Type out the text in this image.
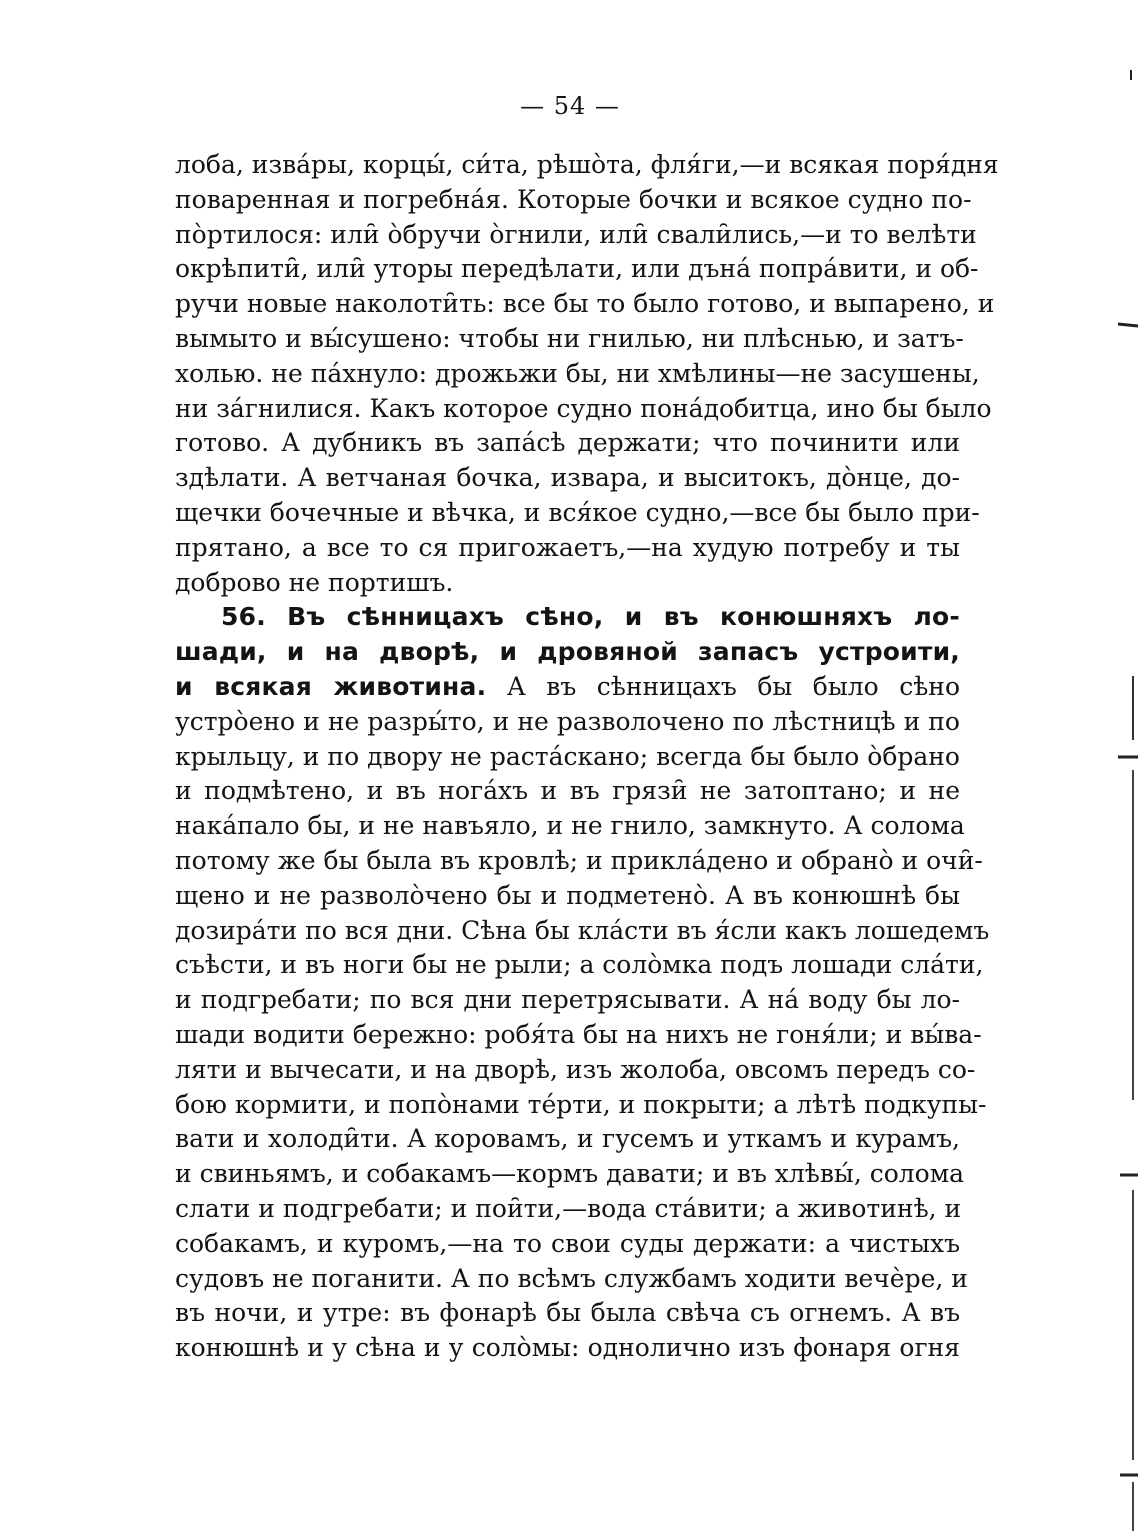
— 54 —
лоба, изва́ры, корцы́, си́та, рѣшо̀та, фля́ги,—и всякая поря́дня
поваренная и погребна́я. Которые бочки и всякое судно по-
по̀ртилося: или̑ о̀бручи о̀гнили, или̑ свали̑лись,—и то велѣти
окрѣпити̑, или̑ уторы передѣлати, или дъна́ попра́вити, и об-
ручи новые наколоти̑ть: все бы то было готово, и выпарено, и
вымыто и вы́сушено: чтобы ни гнилью, ни плѣснью, и затъ-
холью. не па́хнуло: дрожьжи бы, ни хмѣлины—не засушены,
ни за́гнилися. Какъ которое судно пона́добитца, ино бы было
готово. А дубникъ въ запа́сѣ держати; что починити или
здѣлати. А ветчаная бочка, извара, и выситокъ, до̀нце, до-
щечки бочечные и вѣчка, и вся́кое судно,—все бы было при-
прятано, а все то ся пригожаетъ,—на худую потребу и ты
доброво не портишъ.
56. Въ сѣнницахъ сѣно, и въ конюшняхъ ло-
шади, и на дворѣ, и дровяной запасъ устроити,
и всякая животина. А въ сѣнницахъ бы было сѣно
устро̀ено и не разры́то, и не разволочено по лѣстницѣ и по
крыльцу, и по двору не раста́скано; всегда бы было о̀брано
и подмѣтено, и въ нога́хъ и въ грязи̑ не затоптано; и не
нака́пало бы, и не навъяло, и не гнило, замкнуто. А солома
потому же бы была въ кровлѣ; и прикла́дено и обрано̀ и очи̑-
щено и не разволо̀чено бы и подметено̀. А въ конюшнѣ бы
дозира́ти по вся дни. Сѣна бы кла́сти въ я́сли какъ лошедемъ
съѣсти, и въ ноги бы не рыли; а соло̀мка подъ лошади сла́ти,
и подгребати; по вся дни перетрясывати. А на́ воду бы ло-
шади водити бережно: робя́та бы на нихъ не гоня́ли; и вы́ва-
ляти и вычесати, и на дворѣ, изъ жолоба, овсомъ передъ со-
бою кормити, и попо̀нами те́рти, и покрыти; а лѣтѣ подкупы-
вати и холоди̑ти. А коровамъ, и гусемъ и уткамъ и курамъ,
и свиньямъ, и собакамъ—кормъ давати; и въ хлѣвы́, солома
слати и подгребати; и пои̑ти,—вода ста́вити; а животинѣ, и
собакамъ, и куромъ,—на то свои суды держати: а чистыхъ
судовъ не поганити. А по всѣмъ службамъ ходити вечѐре, и
въ ночи, и утре: въ фонарѣ бы была свѣча съ огнемъ. А въ
конюшнѣ и у сѣна и у соло̀мы: однолично изъ фонаря огня
